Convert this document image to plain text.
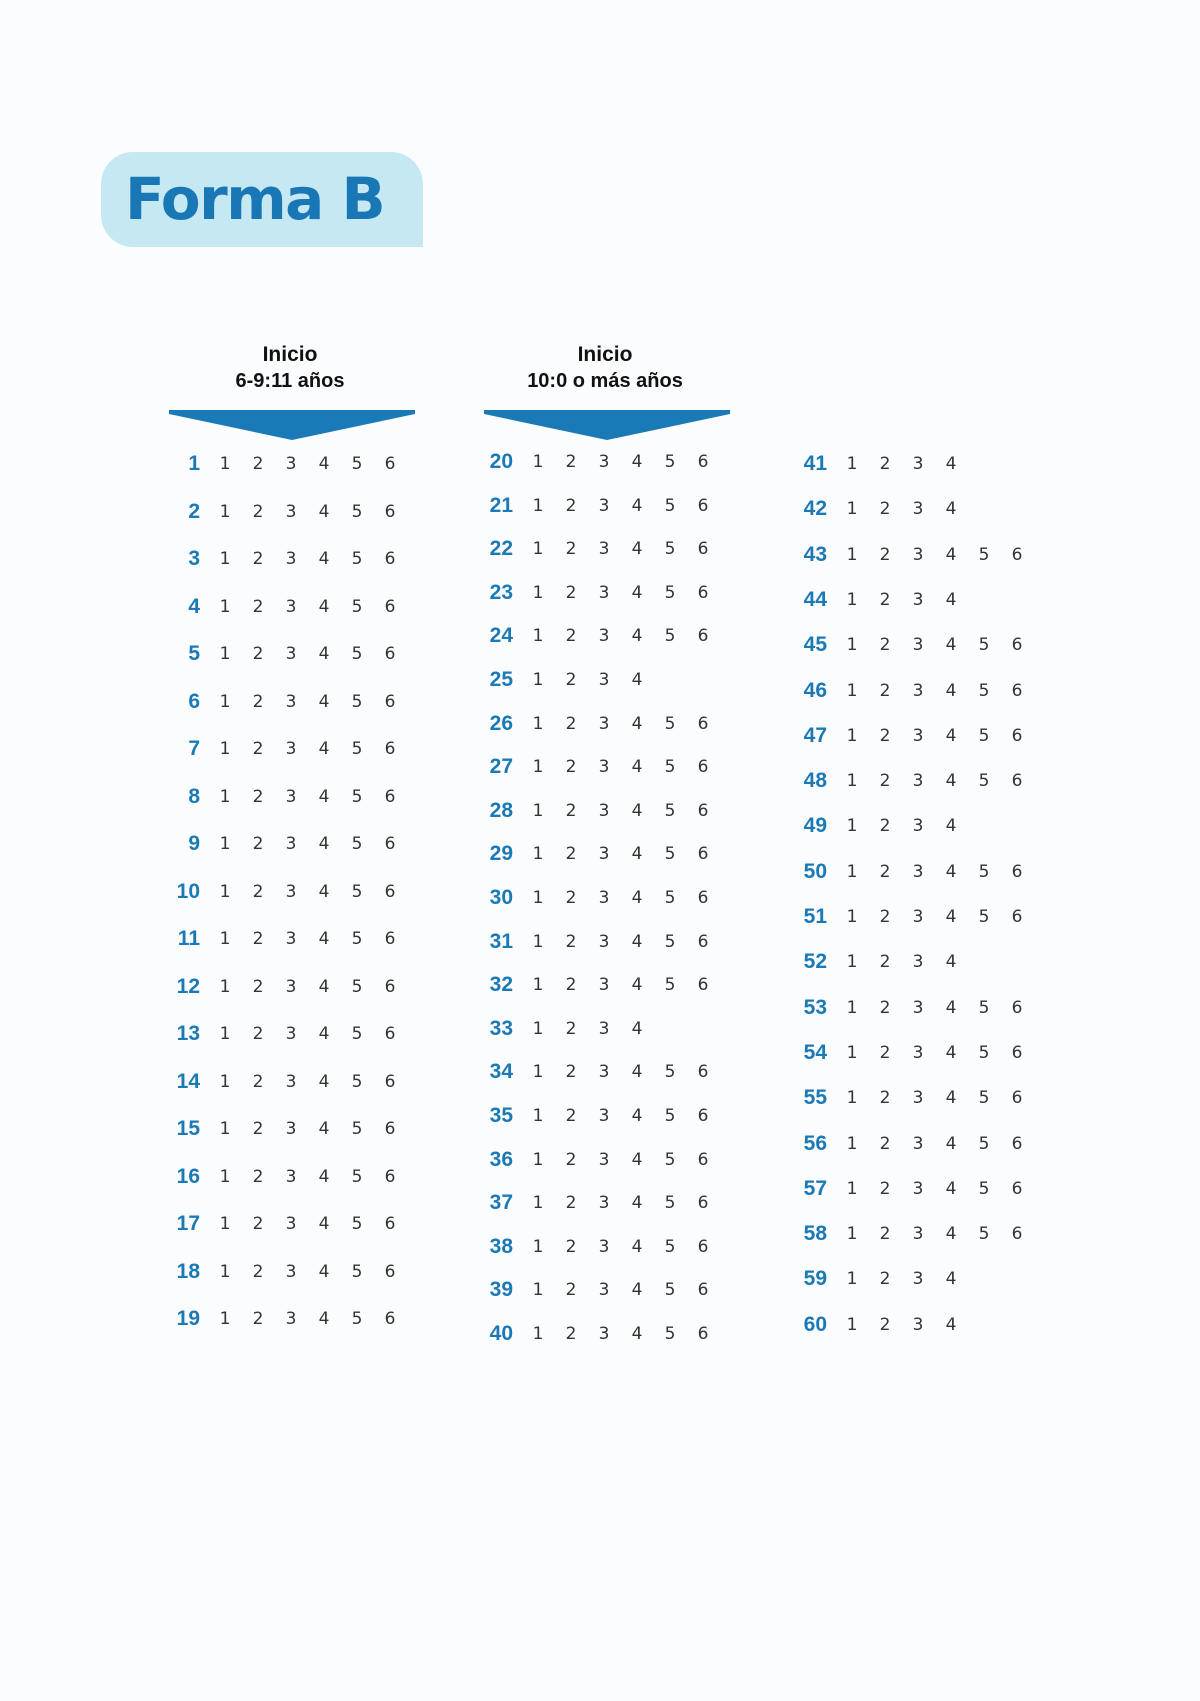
Forma B
Inicio
6-9:11 años
Inicio
10:0 o más años
1 1 2 3 4 5 6
2 1 2 3 4 5 6
3 1 2 3 4 5 6
4 1 2 3 4 5 6
5 1 2 3 4 5 6
6 1 2 3 4 5 6
7 1 2 3 4 5 6
8 1 2 3 4 5 6
9 1 2 3 4 5 6
10 1 2 3 4 5 6
11 1 2 3 4 5 6
12 1 2 3 4 5 6
13 1 2 3 4 5 6
14 1 2 3 4 5 6
15 1 2 3 4 5 6
16 1 2 3 4 5 6
17 1 2 3 4 5 6
18 1 2 3 4 5 6
19 1 2 3 4 5 6
20 1 2 3 4 5 6
21 1 2 3 4 5 6
22 1 2 3 4 5 6
23 1 2 3 4 5 6
24 1 2 3 4 5 6
25 1 2 3 4
26 1 2 3 4 5 6
27 1 2 3 4 5 6
28 1 2 3 4 5 6
29 1 2 3 4 5 6
30 1 2 3 4 5 6
31 1 2 3 4 5 6
32 1 2 3 4 5 6
33 1 2 3 4
34 1 2 3 4 5 6
35 1 2 3 4 5 6
36 1 2 3 4 5 6
37 1 2 3 4 5 6
38 1 2 3 4 5 6
39 1 2 3 4 5 6
40 1 2 3 4 5 6
41 1 2 3 4
42 1 2 3 4
43 1 2 3 4 5 6
44 1 2 3 4
45 1 2 3 4 5 6
46 1 2 3 4 5 6
47 1 2 3 4 5 6
48 1 2 3 4 5 6
49 1 2 3 4
50 1 2 3 4 5 6
51 1 2 3 4 5 6
52 1 2 3 4
53 1 2 3 4 5 6
54 1 2 3 4 5 6
55 1 2 3 4 5 6
56 1 2 3 4 5 6
57 1 2 3 4 5 6
58 1 2 3 4 5 6
59 1 2 3 4
60 1 2 3 4
